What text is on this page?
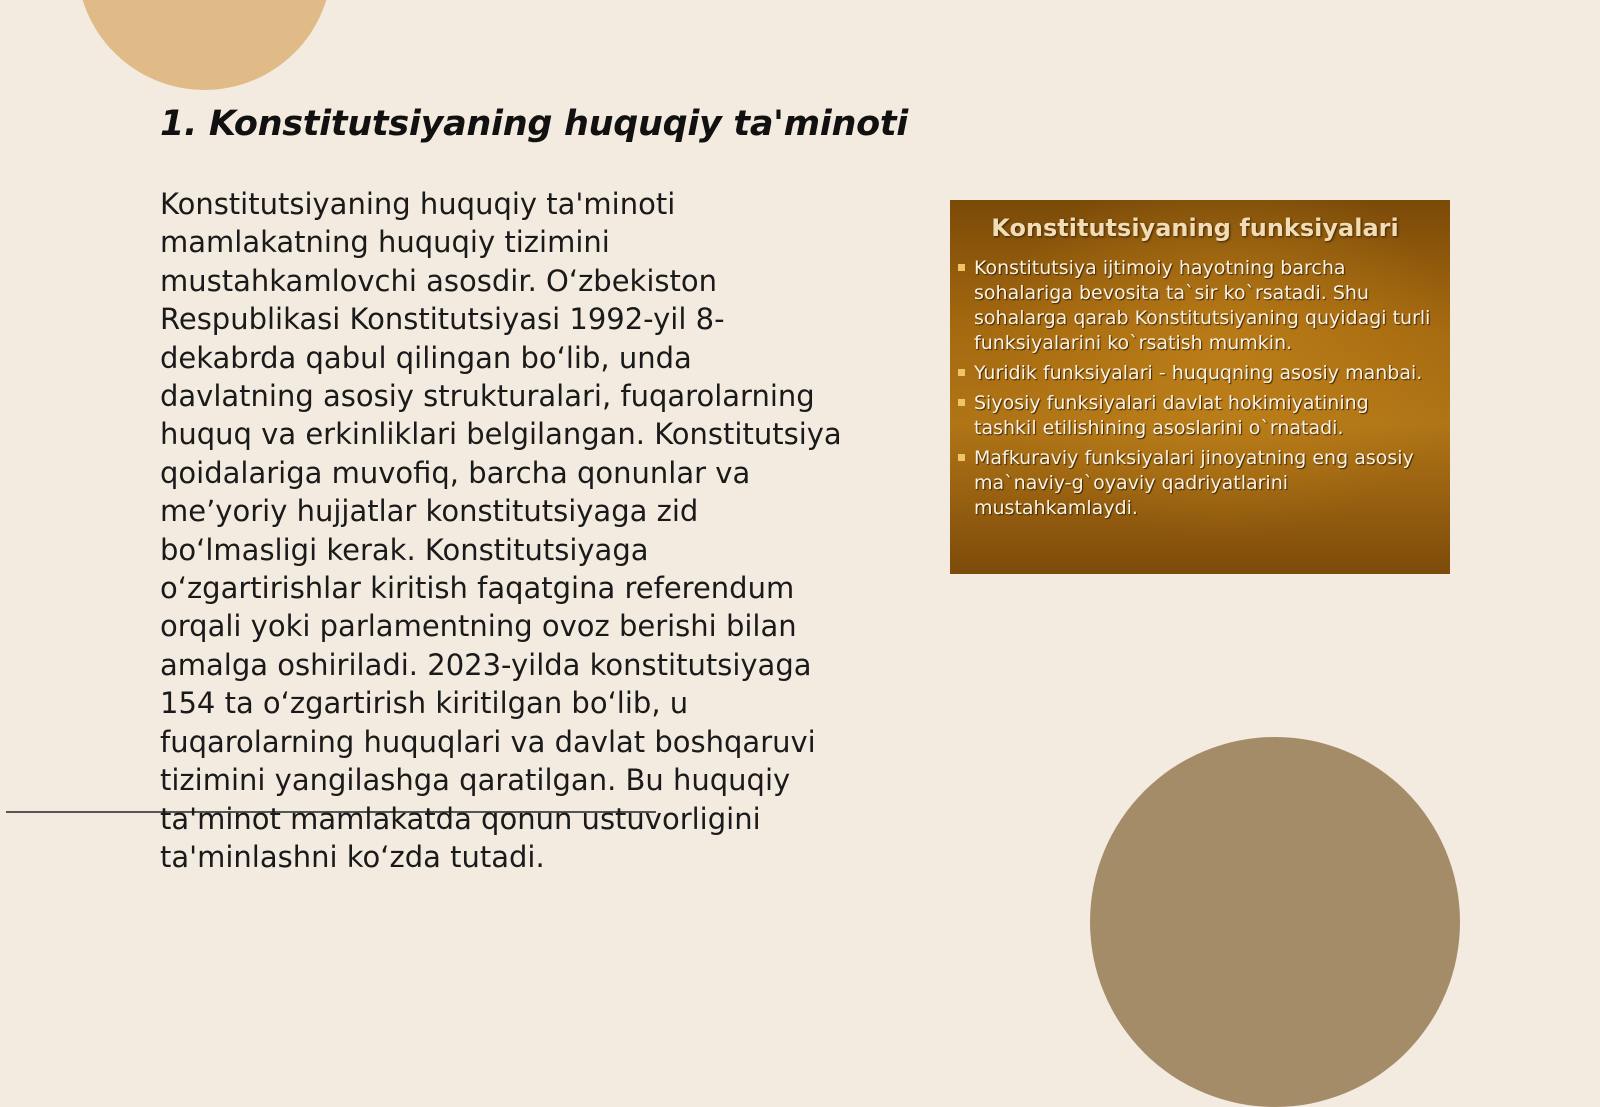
1. Konstitutsiyaning huquqiy ta'minoti

Konstitutsiyaning huquqiy ta'minoti mamlakatning huquqiy tizimini mustahkamlovchi asosdir. O‘zbekiston Respublikasi Konstitutsiyasi 1992-yil 8-dekabrda qabul qilingan bo‘lib, unda davlatning asosiy strukturalari, fuqarolarning huquq va erkinliklari belgilangan. Konstitutsiya qoidalariga muvofiq, barcha qonunlar va me’yoriy hujjatlar konstitutsiyaga zid bo‘lmasligi kerak. Konstitutsiyaga o‘zgartirishlar kiritish faqatgina referendum orqali yoki parlamentning ovoz berishi bilan amalga oshiriladi. 2023-yilda konstitutsiyaga 154 ta o‘zgartirish kiritilgan bo‘lib, u fuqarolarning huquqlari va davlat boshqaruvi tizimini yangilashga qaratilgan. Bu huquqiy ta'minot mamlakatda qonun ustuvorligini ta'minlashni ko‘zda tutadi.

Konstitutsiyaning funksiyalari
Konstitutsiya ijtimoiy hayotning barcha sohalariga bevosita ta`sir ko`rsatadi. Shu sohalarga qarab Konstitutsiyaning quyidagi turli funksiyalarini ko`rsatish mumkin.
Yuridik funksiyalari - huquqning asosiy manbai.
Siyosiy funksiyalari davlat hokimiyatining tashkil etilishining asoslarini o`rnatadi.
Mafkuraviy funksiyalari jinoyatning eng asosiy ma`naviy-g`oyaviy qadriyatlarini mustahkamlaydi.
